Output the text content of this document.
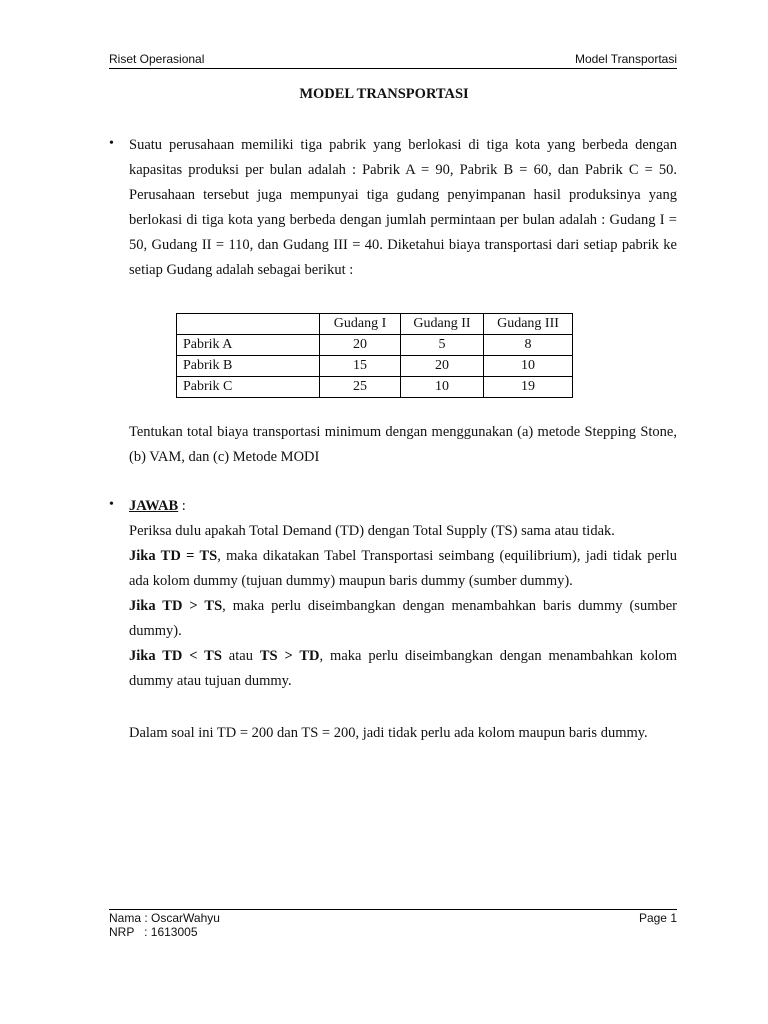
Riset Operasional	Model Transportasi
MODEL TRANSPORTASI
• Suatu perusahaan memiliki tiga pabrik yang berlokasi di tiga kota yang berbeda dengan kapasitas produksi per bulan adalah : Pabrik A = 90, Pabrik B = 60, dan Pabrik C = 50. Perusahaan tersebut juga mempunyai tiga gudang penyimpanan hasil produksinya yang berlokasi di tiga kota yang berbeda dengan jumlah permintaan per bulan adalah : Gudang I = 50, Gudang II = 110, dan Gudang III = 40. Diketahui biaya transportasi dari setiap pabrik ke setiap Gudang adalah sebagai berikut :

	Gudang I	Gudang II	Gudang III
Pabrik A	20	5	8
Pabrik B	15	20	10
Pabrik C	25	10	19

Tentukan total biaya transportasi minimum dengan menggunakan (a) metode Stepping Stone, (b) VAM, dan (c) Metode MODI

• JAWAB :

Periksa dulu apakah Total Demand (TD) dengan Total Supply (TS) sama atau tidak.

Jika TD = TS, maka dikatakan Tabel Transportasi seimbang (equilibrium), jadi tidak perlu ada kolom dummy (tujuan dummy) maupun baris dummy (sumber dummy).

Jika TD > TS, maka perlu diseimbangkan dengan menambahkan baris dummy (sumber dummy).

Jika TD < TS atau TS > TD, maka perlu diseimbangkan dengan menambahkan kolom dummy atau tujuan dummy.

Dalam soal ini TD = 200 dan TS = 200, jadi tidak perlu ada kolom maupun baris dummy.

Nama : OscarWahyu
NRP   : 1613005
Page 1
